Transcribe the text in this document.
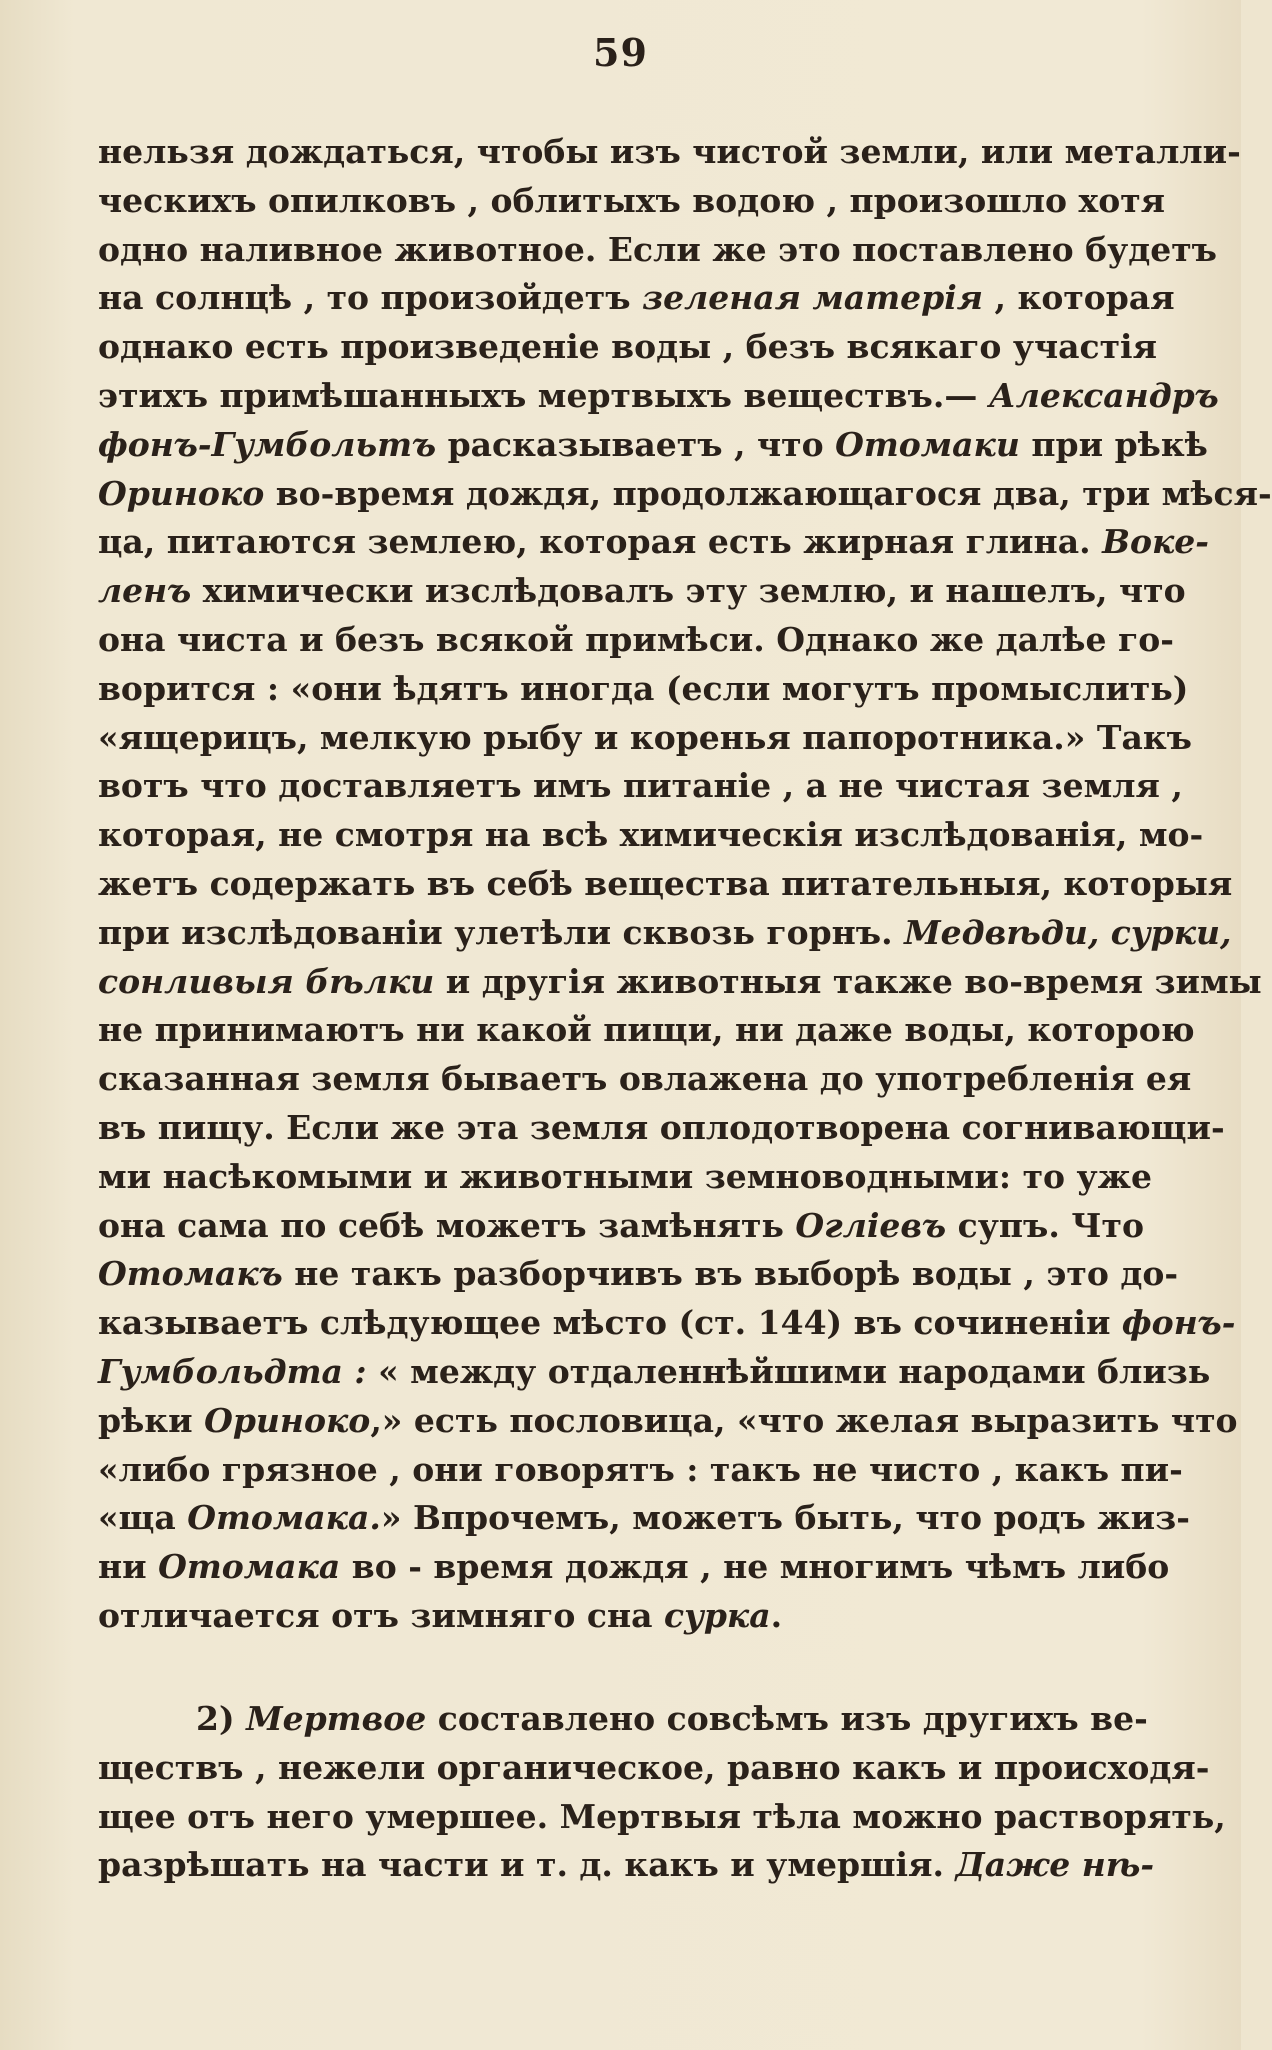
59
нельзя дождаться, чтобы изъ чистой земли, или металли-
ческихъ опилковъ , облитыхъ водою , произошло хотя
одно наливное животное. Если же это поставлено будетъ
на солнцѣ , то произойдетъ зеленая матерія , которая
однако есть произведеніе воды , безъ всякаго участія
этихъ примѣшанныхъ мертвыхъ веществъ.— Александръ
фонъ-Гумбольтъ расказываетъ , что Отомаки при рѣкѣ
Ориноко во-время дождя, продолжающагося два, три мѣся-
ца, питаются землею, которая есть жирная глина. Воке-
ленъ химически изслѣдовалъ эту землю, и нашелъ, что
она чиста и безъ всякой примѣси. Однако же далѣе го-
ворится : «они ѣдятъ иногда (если могутъ промыслить)
«ящерицъ, мелкую рыбу и коренья папоротника.» Такъ
вотъ что доставляетъ имъ питаніе , а не чистая земля ,
которая, не смотря на всѣ химическія изслѣдованія, мо-
жетъ содержать въ себѣ вещества питательныя, которыя
при изслѣдованіи улетѣли сквозь горнъ. Медвѣди, сурки,
сонливыя бѣлки и другія животныя также во-время зимы
не принимаютъ ни какой пищи, ни даже воды, которою
сказанная земля бываетъ овлажена до употребленія ея
въ пищу. Если же эта земля оплодотворена согнивающи-
ми насѣкомыми и животными земноводными: то уже
она сама по себѣ можетъ замѣнять Оглiевъ супъ. Что
Отомакъ не такъ разборчивъ въ выборѣ воды , это до-
казываетъ слѣдующее мѣсто (ст. 144) въ сочиненіи фонъ-
Гумбольдта : « между отдаленнѣйшими народами близь
рѣки Ориноко,» есть пословица, «что желая выразить что
«либо грязное , они говорятъ : такъ не чисто , какъ пи-
«ща Отомака.» Впрочемъ, можетъ быть, что родъ жиз-
ни Отомака во - время дождя , не многимъ чѣмъ либо
отличается отъ зимняго сна сурка.
2) Мертвое составлено совсѣмъ изъ другихъ ве-
ществъ , нежели органическое, равно какъ и происходя-
щее отъ него умершее. Мертвыя тѣла можно растворять,
разрѣшать на части и т. д. какъ и умершія. Даже нѣ-
